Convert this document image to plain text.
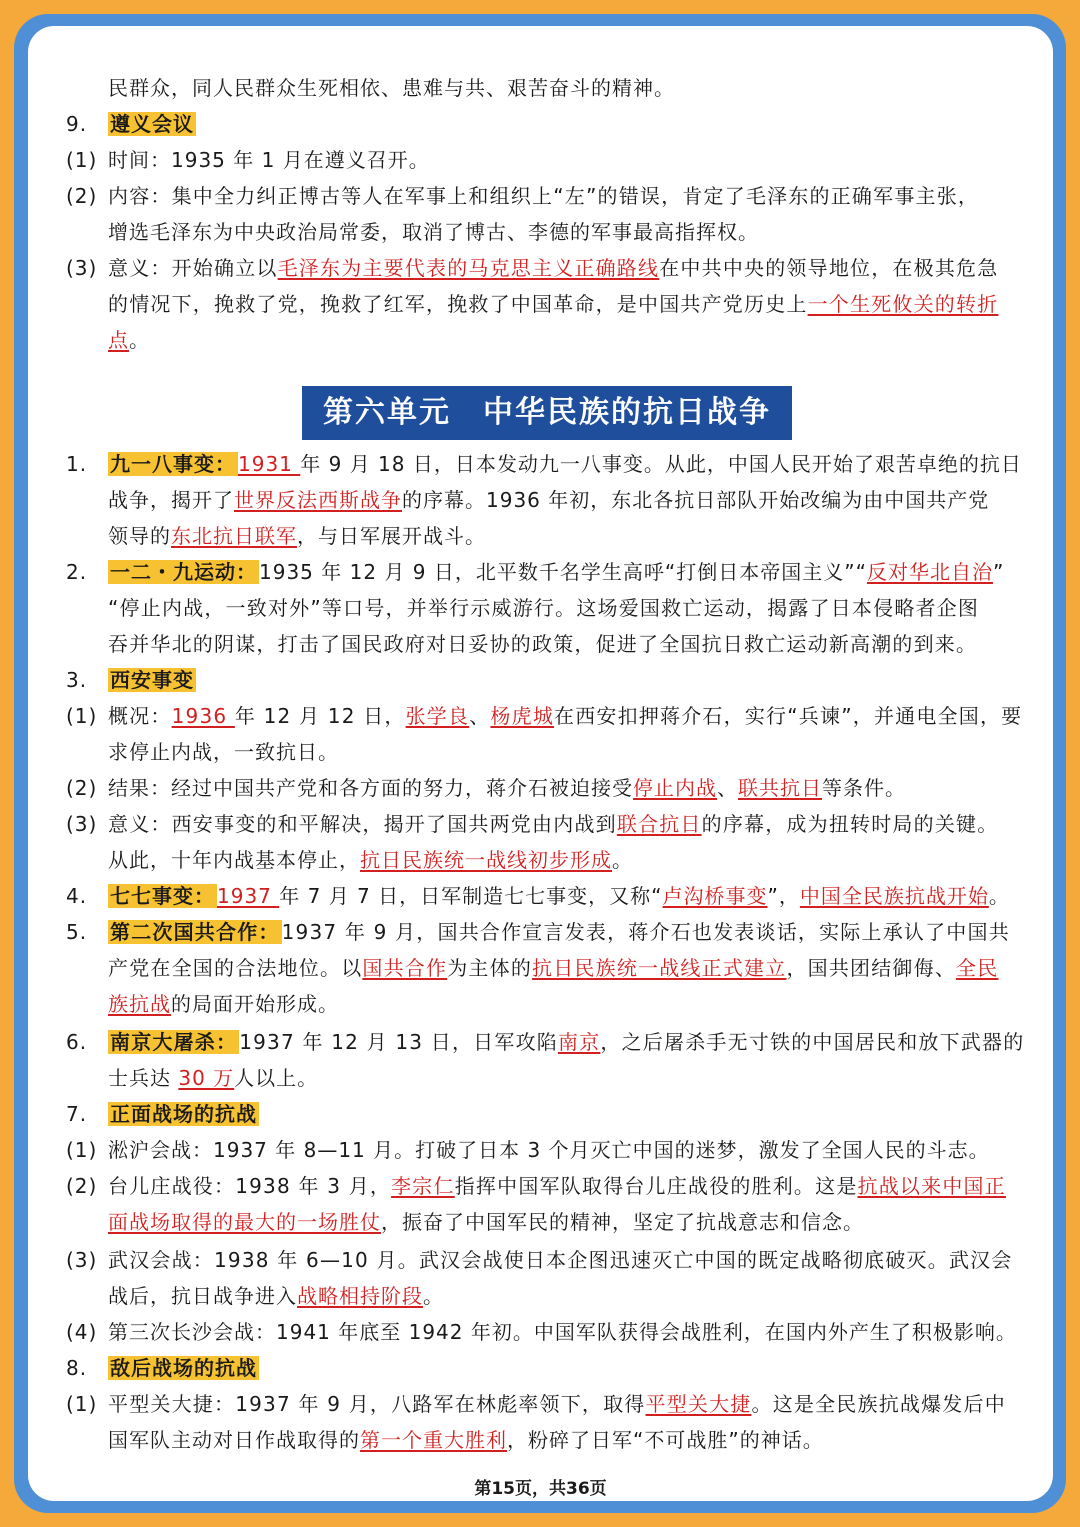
民群众，同人民群众生死相依、患难与共、艰苦奋斗的精神。
9. 遵义会议
(1) 时间：1935 年 1 月在遵义召开。
(2) 内容：集中全力纠正博古等人在军事上和组织上“左”的错误，肯定了毛泽东的正确军事主张，
增选毛泽东为中央政治局常委，取消了博古、李德的军事最高指挥权。
(3) 意义：开始确立以毛泽东为主要代表的马克思主义正确路线在中共中央的领导地位，在极其危急
的情况下，挽救了党，挽救了红军，挽救了中国革命，是中国共产党历史上一个生死攸关的转折
点。
1. 九一八事变： 1931 年 9 月 18 日，日本发动九一八事变。从此，中国人民开始了艰苦卓绝的抗日
战争，揭开了世界反法西斯战争的序幕。1936 年初，东北各抗日部队开始改编为由中国共产党
领导的东北抗日联军，与日军展开战斗。
2. 一二・九运动： 1935 年 12 月 9 日，北平数千名学生高呼“打倒日本帝国主义”“反对华北自治”
“停止内战，一致对外”等口号，并举行示威游行。这场爱国救亡运动，揭露了日本侵略者企图
吞并华北的阴谋，打击了国民政府对日妥协的政策，促进了全国抗日救亡运动新高潮的到来。
3. 西安事变
(1) 概况：1936 年 12 月 12 日，张学良、杨虎城在西安扣押蒋介石，实行“兵谏”，并通电全国，要
求停止内战，一致抗日。
(2) 结果：经过中国共产党和各方面的努力，蒋介石被迫接受停止内战、联共抗日等条件。
(3) 意义：西安事变的和平解决，揭开了国共两党由内战到联合抗日的序幕，成为扭转时局的关键。
从此，十年内战基本停止，抗日民族统一战线初步形成。
4. 七七事变： 1937 年 7 月 7 日，日军制造七七事变，又称“卢沟桥事变”，中国全民族抗战开始。
5. 第二次国共合作： 1937 年 9 月，国共合作宣言发表，蒋介石也发表谈话，实际上承认了中国共
产党在全国的合法地位。以国共合作为主体的抗日民族统一战线正式建立，国共团结御侮、全民
族抗战的局面开始形成。
6. 南京大屠杀： 1937 年 12 月 13 日，日军攻陷南京，之后屠杀手无寸铁的中国居民和放下武器的
士兵达 30 万人以上。
7. 正面战场的抗战
(1) 淞沪会战：1937 年 8—11 月。打破了日本 3 个月灭亡中国的迷梦，激发了全国人民的斗志。
(2) 台儿庄战役：1938 年 3 月，李宗仁指挥中国军队取得台儿庄战役的胜利。这是抗战以来中国正
面战场取得的最大的一场胜仗，振奋了中国军民的精神，坚定了抗战意志和信念。
(3) 武汉会战：1938 年 6—10 月。武汉会战使日本企图迅速灭亡中国的既定战略彻底破灭。武汉会
战后，抗日战争进入战略相持阶段。
(4) 第三次长沙会战：1941 年底至 1942 年初。中国军队获得会战胜利，在国内外产生了积极影响。
8. 敌后战场的抗战
(1) 平型关大捷：1937 年 9 月，八路军在林彪率领下，取得平型关大捷。这是全民族抗战爆发后中
国军队主动对日作战取得的第一个重大胜利，粉碎了日军“不可战胜”的神话。
第六单元　中华民族的抗日战争
第15页，共36页
